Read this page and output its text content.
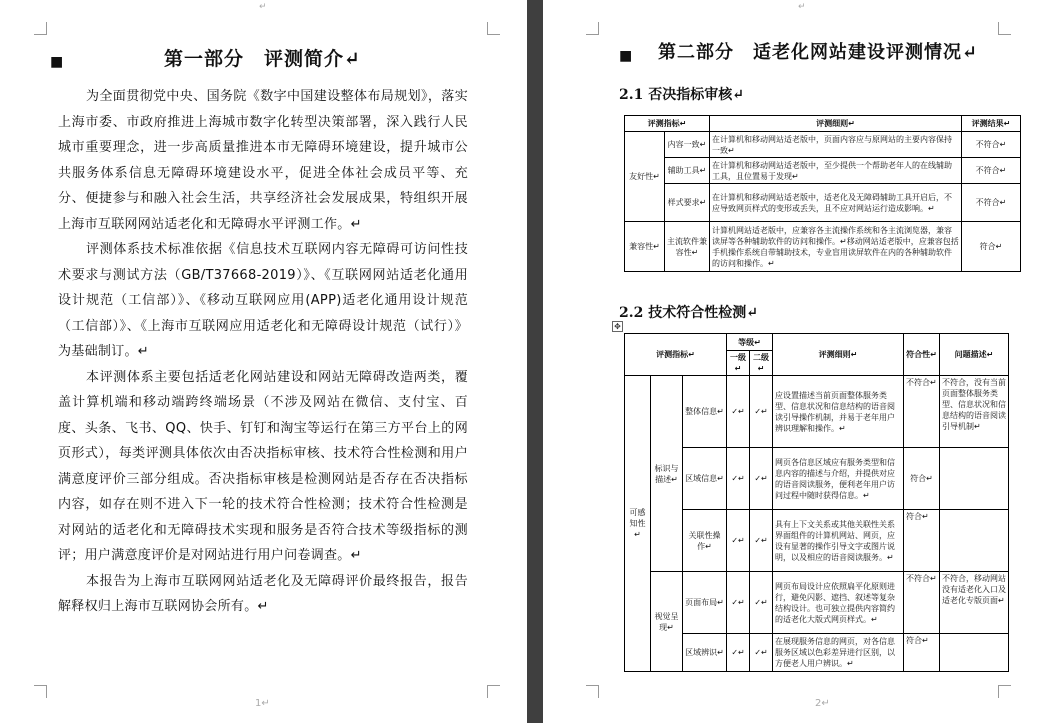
↵
■	第一部分　评测简介↵

为全面贯彻党中央、国务院《数字中国建设整体布局规划》，落实上海市委、市政府推进上海城市数字化转型决策部署，深入践行人民城市重要理念，进一步高质量推进本市无障碍环境建设，提升城市公共服务体系信息无障碍环境建设水平，促进全体社会成员平等、充分、便捷参与和融入社会生活，共享经济社会发展成果，特组织开展上海市互联网网站适老化和无障碍水平评测工作。↵

评测体系技术标准依据《信息技术互联网内容无障碍可访问性技术要求与测试方法（GB/T37668-2019）》、《互联网网站适老化通用设计规范（工信部）》、《移动互联网应用(APP)适老化通用设计规范（工信部）》、《上海市互联网应用适老化和无障碍设计规范（试行）》为基础制订。↵

本评测体系主要包括适老化网站建设和网站无障碍改造两类，覆盖计算机端和移动端跨终端场景（不涉及网站在微信、支付宝、百度、头条、飞书、QQ、快手、钉钉和淘宝等运行在第三方平台上的网页形式），每类评测具体依次由否决指标审核、技术符合性检测和用户满意度评价三部分组成。否决指标审核是检测网站是否存在否决指标内容，如存在则不进入下一轮的技术符合性检测；技术符合性检测是对网站的适老化和无障碍技术实现和服务是否符合技术等级指标的测评；用户满意度评价是对网站进行用户问卷调查。↵

本报告为上海市互联网网站适老化及无障碍评价最终报告，报告解释权归上海市互联网协会所有。↵

1↵
↵
■ 第二部分　适老化网站建设评测情况↵
2.1 否决指标审核↵
评测指标↵		评测细则↵	评测结果↵
友好性↵	内容一致↵	在计算机和移动网站适老版中，页面内容应与原网站的主要内容保持一致↵	不符合↵
	辅助工具↵	在计算机和移动网站适老版中，至少提供一个帮助老年人的在线辅助工具，且位置易于发现↵	不符合↵
	样式要求↵	在计算机和移动网站适老版中，适老化及无障碍辅助工具开启后，不应导致网页样式的变形或丢失，且不应对网站运行造成影响。↵	不符合↵
兼容性↵	主流软件兼容性↵	计算机网站适老版中，应兼容各主流操作系统和各主流浏览器，兼容读屏等各种辅助软件的访问和操作。↵移动网站适老版中，应兼容包括手机操作系统自带辅助技术，专业盲用读屏软件在内的各种辅助软件的访问和操作。↵	符合↵
2.2 技术符合性检测↵
✥
评测指标↵			等级↵		评测细则↵	符合性↵	问题描述↵
			一级↵	二级↵			
可感知性↵	标识与描述↵	整体信息↵	✓↵	✓↵	应设置描述当前页面整体服务类型、信息状况和信息结构的语音阅读引导操作机制，并易于老年用户辨识理解和操作。↵	不符合↵	不符合，没有当前页面整体服务类型、信息状况和信息结构的语音阅读引导机制↵
		区域信息↵	✓↵	✓↵	网页各信息区域应有服务类型和信息内容的描述与介绍，并提供对应的语音阅读服务，便利老年用户访问过程中随时获得信息。↵	符合↵	
		关联性操作↵	✓↵	✓↵	具有上下文关系或其他关联性关系界面组件的计算机网站、网页，应设有显著的操作引导文字或图片说明，以及相应的语音阅读服务。↵	符合↵	
	视觉呈现↵	页面布局↵	✓↵	✓↵	网页布局设计应依照扁平化原则进行，避免闪影、遮挡、叙述等复杂结构设计。也可独立提供内容简约的适老化大版式网页样式。↵	不符合↵	不符合，移动网站没有适老化入口及适老化专版页面↵
		区域辨识↵	✓↵	✓↵	在展现服务信息的网页，对各信息服务区域以色彩差异进行区别，以方便老人用户辨识。↵	符合↵	
2↵
